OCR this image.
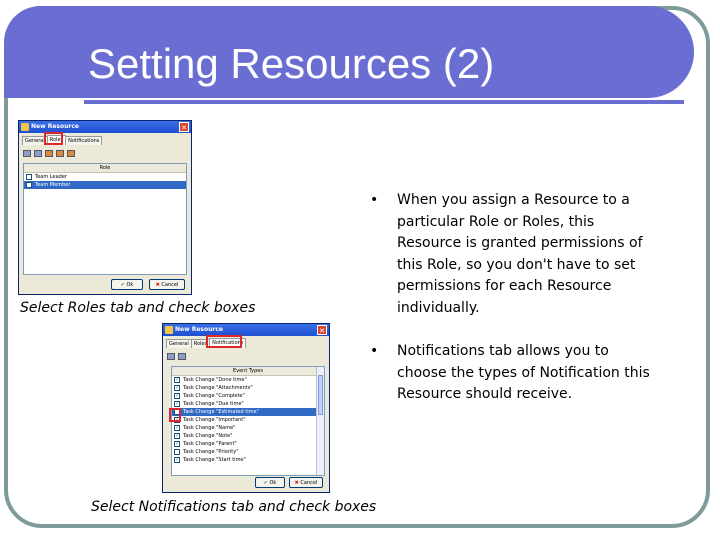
Setting Resources (2)
New Resource	✕
General Roles Notifications
Role
Team Leader
Team Member
✔ Ok	✖ Cancel
Select Roles tab and check boxes
New Resource	✕
General Roles Notifications
Event Types
✓ Task Change "Done time"
✓ Task Change "Attachments"
✓ Task Change "Complete"
✓ Task Change "Due time"
Task Change "Estimated time"
✓ Task Change "Important"
✓ Task Change "Name"
✓ Task Change "Note"
✓ Task Change "Parent"
Task Change "Priority"
✓ Task Change "Start time"
✔ Ok	✖ Cancel
Select Notifications tab and check boxes
• When you assign a Resource to a particular Role or Roles, this Resource is granted permissions of this Role, so you don't have to set permissions for each Resource individually.
• Notifications tab allows you to choose the types of Notification this Resource should receive.
